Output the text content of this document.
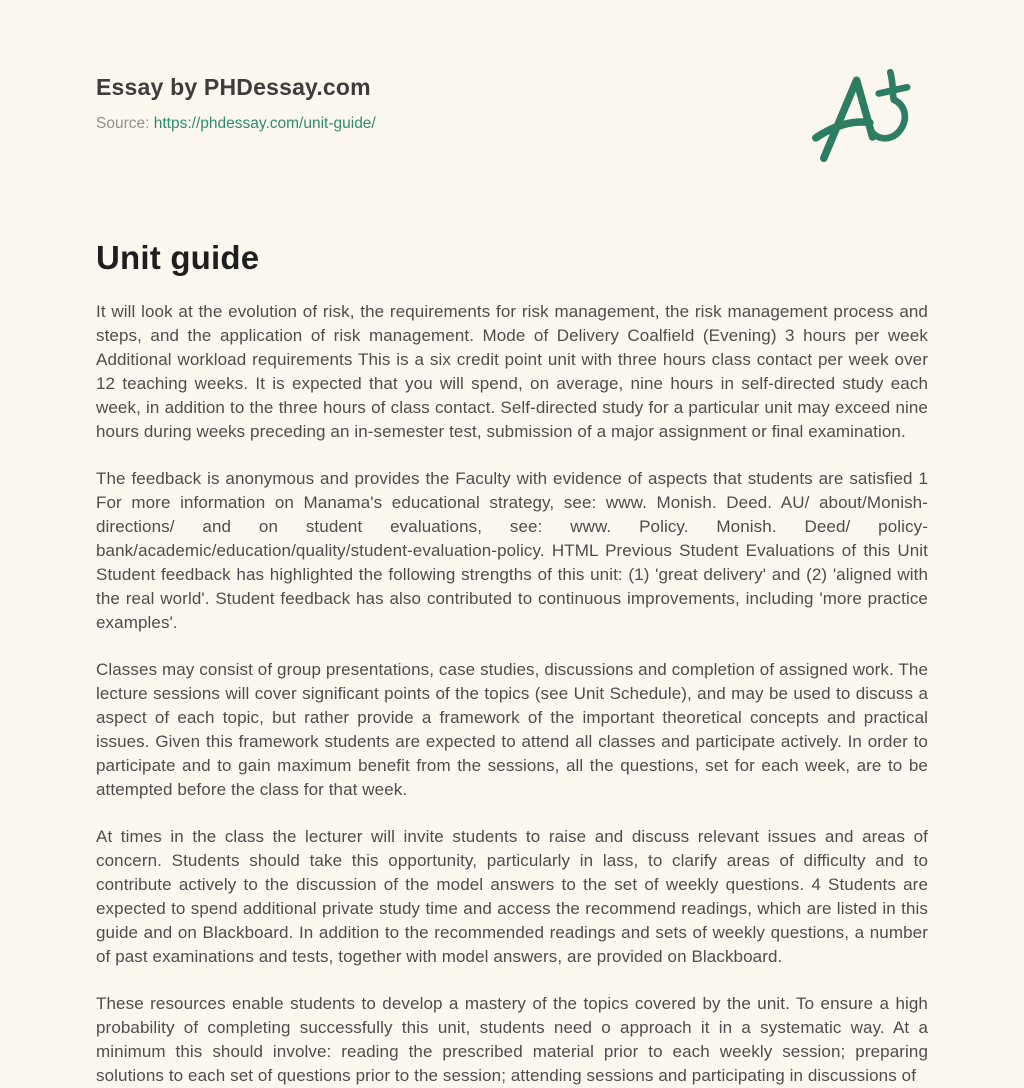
Essay by PHDessay.com
Source: https://phdessay.com/unit-guide/
Unit guide

It will look at the evolution of risk, the requirements for risk management, the risk management process and steps, and the application of risk management. Mode of Delivery Coalfield (Evening) 3 hours per week Additional workload requirements This is a six credit point unit with three hours class contact per week over 12 teaching weeks. It is expected that you will spend, on average, nine hours in self-directed study each week, in addition to the three hours of class contact. Self-directed study for a particular unit may exceed nine hours during weeks preceding an in-semester test, submission of a major assignment or final examination.

The feedback is anonymous and provides the Faculty with evidence of aspects that students are satisfied 1 For more information on Manama's educational strategy, see: www. Monish. Deed. AU/ about/Monish-directions/ and on student evaluations, see: www. Policy. Monish. Deed/ policy-bank/academic/education/quality/student-evaluation-policy. HTML Previous Student Evaluations of this Unit Student feedback has highlighted the following strengths of this unit: (1) 'great delivery' and (2) 'aligned with the real world'. Student feedback has also contributed to continuous improvements, including 'more practice examples'.

Classes may consist of group presentations, case studies, discussions and completion of assigned work. The lecture sessions will cover significant points of the topics (see Unit Schedule), and may be used to discuss a aspect of each topic, but rather provide a framework of the important theoretical concepts and practical issues. Given this framework students are expected to attend all classes and participate actively. In order to participate and to gain maximum benefit from the sessions, all the questions, set for each week, are to be attempted before the class for that week.

At times in the class the lecturer will invite students to raise and discuss relevant issues and areas of concern. Students should take this opportunity, particularly in lass, to clarify areas of difficulty and to contribute actively to the discussion of the model answers to the set of weekly questions. 4 Students are expected to spend additional private study time and access the recommend readings, which are listed in this guide and on Blackboard. In addition to the recommended readings and sets of weekly questions, a number of past examinations and tests, together with model answers, are provided on Blackboard.

These resources enable students to develop a mastery of the topics covered by the unit. To ensure a high probability of completing successfully this unit, students need o approach it in a systematic way. At a minimum this should involve: reading the prescribed material prior to each weekly session; preparing solutions to each set of questions prior to the session; attending sessions and participating in discussions of
